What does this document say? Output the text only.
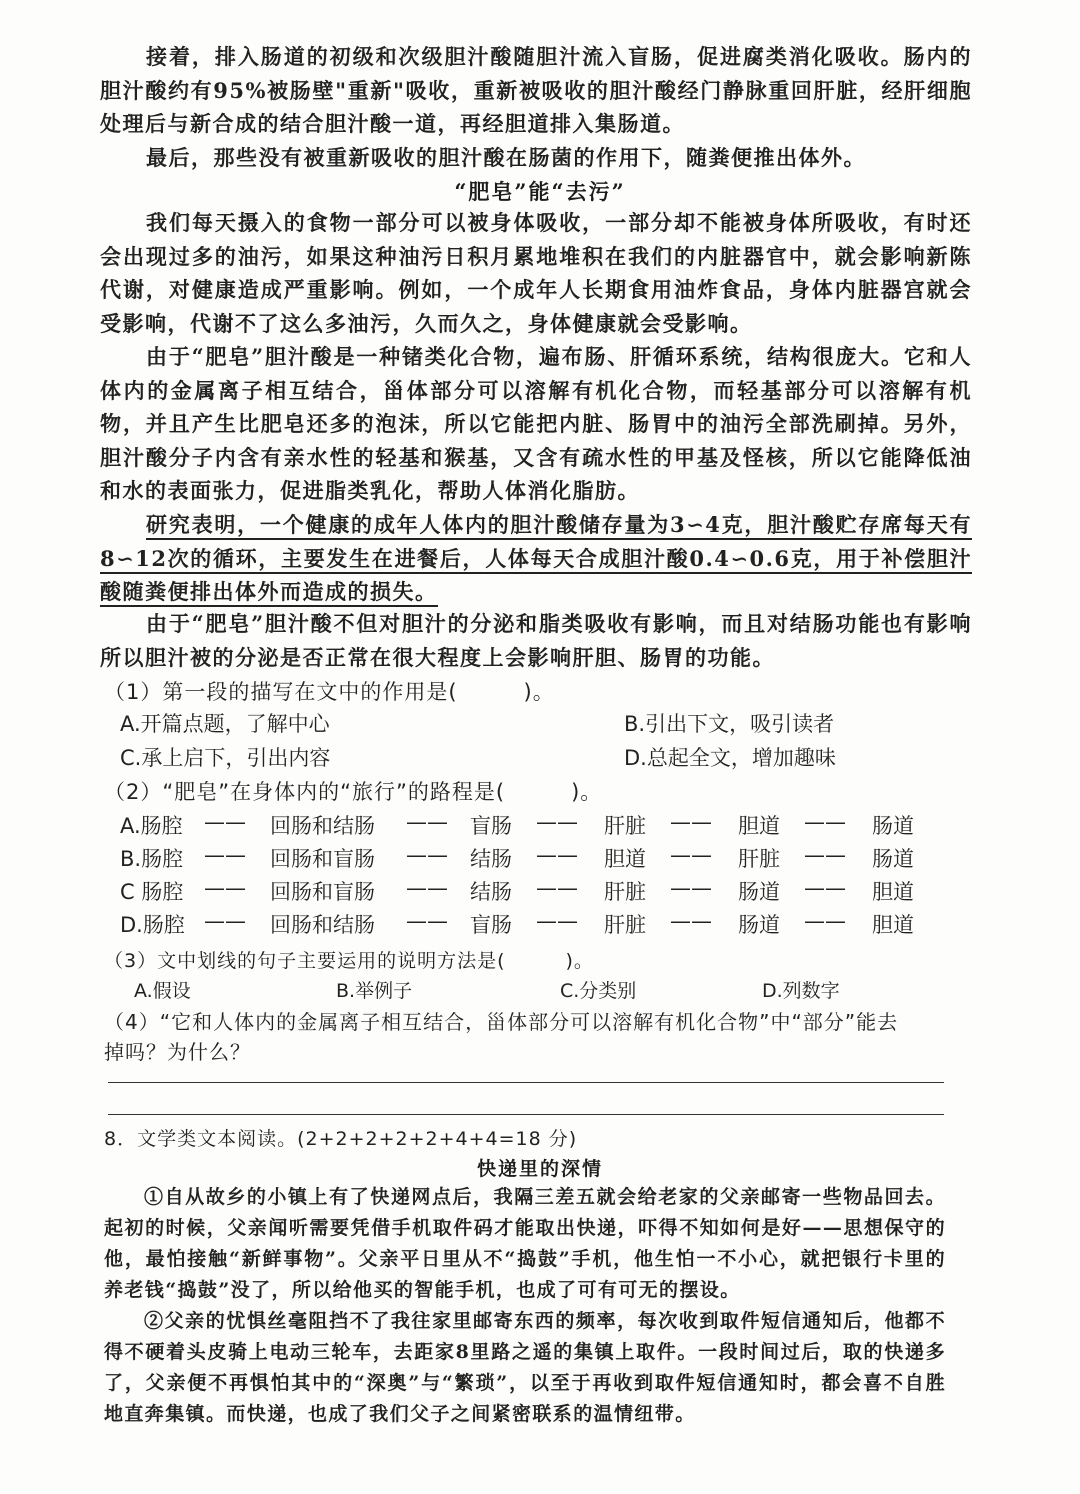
接着，排入肠道的初级和次级胆汁酸随胆汁流入盲肠，促进腐类消化吸收。肠内的胆汁酸约有95%被肠壁"重新"吸收，重新被吸收的胆汁酸经门静脉重回肝脏，经肝细胞处理后与新合成的结合胆汁酸一道，再经胆道排入集肠道。
最后，那些没有被重新吸收的胆汁酸在肠菌的作用下，随粪便推出体外。
“肥皂”能“去污”
我们每天摄入的食物一部分可以被身体吸收，一部分却不能被身体所吸收，有时还会出现过多的油污，如果这种油污日积月累地堆积在我们的内脏器官中，就会影响新陈代谢，对健康造成严重影响。例如，一个成年人长期食用油炸食品，身体内脏器宫就会受影响，代谢不了这么多油污，久而久之，身体健康就会受影响。
由于“肥皂”胆汁酸是一种锗类化合物，遍布肠、肝循环系统，结构很庞大。它和人体内的金属离子相互结合，甾体部分可以溶解有机化合物，而轻基部分可以溶解有机物，并且产生比肥皂还多的泡沫，所以它能把内脏、肠胃中的油污全部洗刷掉。另外，胆汁酸分子内含有亲水性的轻基和猴基，又含有疏水性的甲基及怪核，所以它能降低油和水的表面张力，促进脂类乳化，帮助人体消化脂肪。
研究表明，一个健康的成年人体内的胆汁酸储存量为3∽4克，胆汁酸贮存席每天有8∽12次的循环，主要发生在进餐后，人体每天合成胆汁酸0.4∽0.6克，用于补偿胆汁酸随粪便排出体外而造成的损失。
由于“肥皂”胆汁酸不但对胆汁的分泌和脂类吸收有影响，而且对结肠功能也有影响所以胆汁被的分泌是否正常在很大程度上会影响肝胆、肠胃的功能。
（1）第一段的描写在文中的作用是(　　　)。
A.开篇点题，了解中心	B.引出下文，吸引读者
C.承上启下，引出内容	D.总起全文，增加趣味
（2）“肥皂”在身体内的“旅行”的路程是(　　　)。
A.肠腔 —— 回肠和结肠 —— 盲肠 —— 肝脏 —— 胆道 —— 肠道
B.肠腔 —— 回肠和盲肠 —— 结肠 —— 胆道 —— 肝脏 —— 肠道
C 肠腔 —— 回肠和盲肠 —— 结肠 —— 肝脏 —— 肠道 —— 胆道
D.肠腔 —— 回肠和结肠 —— 盲肠 —— 肝脏 —— 肠道 —— 胆道
（3）文中划线的句子主要运用的说明方法是(　　　)。
A.假设	B.举例子	C.分类别	D.列数字
（4）“它和人体内的金属离子相互结合，甾体部分可以溶解有机化合物”中“部分”能去
掉吗？为什么？
8．文学类文本阅读。(2+2+2+2+2+4+4=18 分)
快递里的深情
①自从故乡的小镇上有了快递网点后，我隔三差五就会给老家的父亲邮寄一些物品回去。起初的时候，父亲闻听需要凭借手机取件码才能取出快递，吓得不知如何是好——思想保守的他，最怕接触“新鲜事物”。父亲平日里从不“捣鼓”手机，他生怕一不小心，就把银行卡里的养老钱“捣鼓”没了，所以给他买的智能手机，也成了可有可无的摆设。
②父亲的忧惧丝毫阻挡不了我往家里邮寄东西的频率，每次收到取件短信通知后，他都不得不硬着头皮骑上电动三轮车，去距家8里路之遥的集镇上取件。一段时间过后，取的快递多了，父亲便不再惧怕其中的“深奥”与“繁琐”，以至于再收到取件短信通知时，都会喜不自胜地直奔集镇。而快递，也成了我们父子之间紧密联系的温情纽带。
